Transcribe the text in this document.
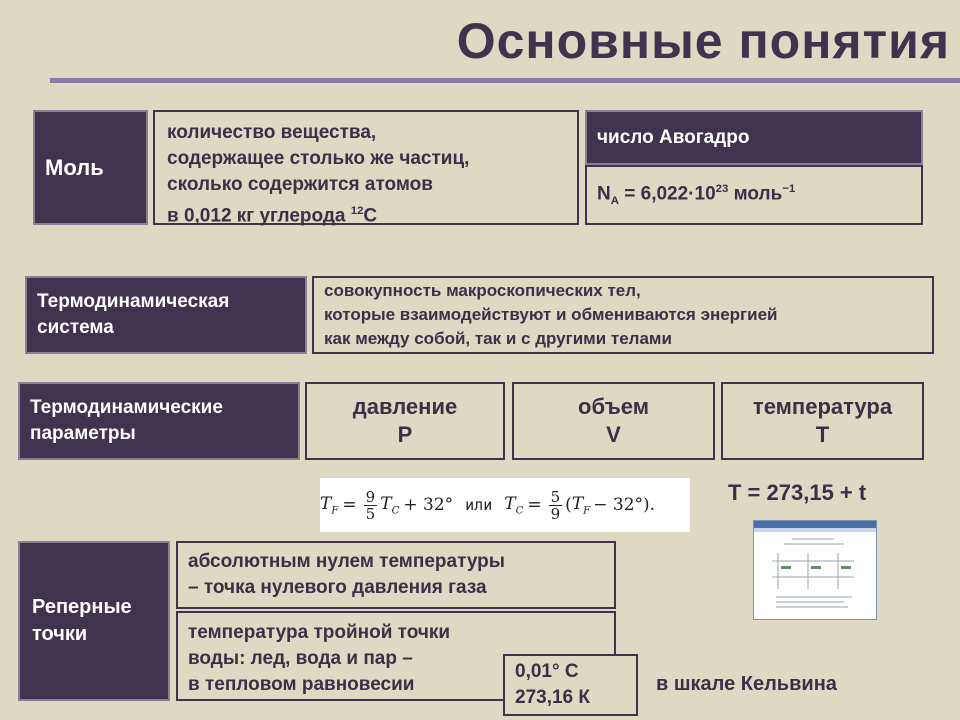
Основные понятия
Моль
количество вещества,
содержащее столько же частиц,
сколько содержится атомов
в 0,012 кг углерода $^{12}$С
число Авогадро
$N_A = 6,022\cdot 10^{23}$ моль$^{-1}$
Термодинамическая
система
совокупность макроскопических тел,
которые взаимодействуют и обмениваются энергией
как между собой, так и с другими телами
Термодинамические
параметры
давление
P
объем
V
температура
T
$T_F = \frac{9}{5} T_C + 32^\circ$ или $T_C = \frac{5}{9}$ ( $T_F - 32^\circ$).	T = 273,15 + t
Реперные
точки
абсолютным нулем температуры
– точка нулевого давления газа
температура тройной точки
воды: лед, вода и пар –
в тепловом равновесии
0,01° С
273,16 К
в шкале Кельвина
